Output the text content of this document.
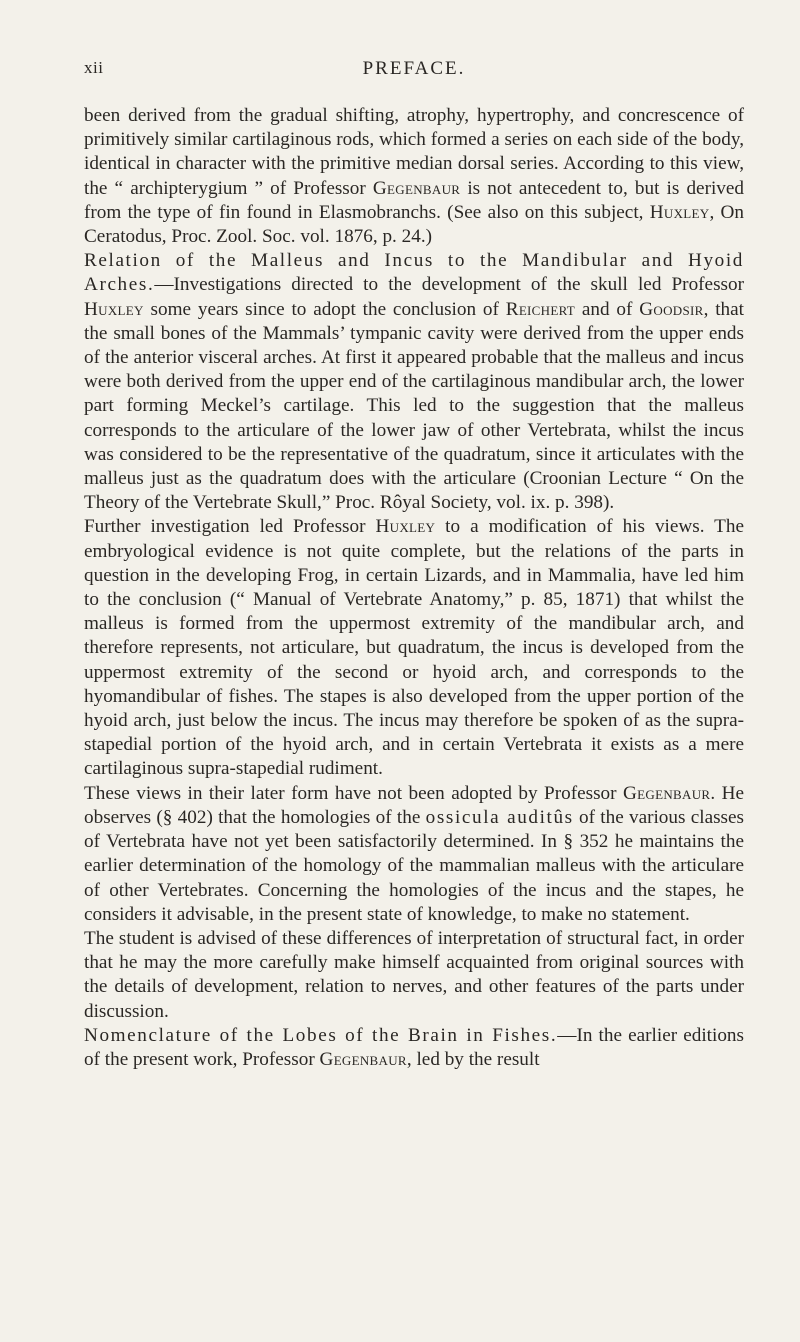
xii	PREFACE.

been derived from the gradual shifting, atrophy, hypertrophy, and concrescence of primitively similar cartilaginous rods, which formed a series on each side of the body, identical in character with the primitive median dorsal series. According to this view, the “ archipterygium ” of Professor Gegenbaur is not antecedent to, but is derived from the type of fin found in Elasmobranchs. (See also on this subject, Huxley, On Ceratodus, Proc. Zool. Soc. vol. 1876, p. 24.)

Relation of the Malleus and Incus to the Mandibular and Hyoid Arches.—Investigations directed to the development of the skull led Professor Huxley some years since to adopt the conclusion of Reichert and of Goodsir, that the small bones of the Mammals’ tympanic cavity were derived from the upper ends of the anterior visceral arches. At first it appeared probable that the malleus and incus were both derived from the upper end of the cartilaginous mandibular arch, the lower part forming Meckel’s cartilage. This led to the suggestion that the malleus corresponds to the articulare of the lower jaw of other Vertebrata, whilst the incus was considered to be the representative of the quadratum, since it articulates with the malleus just as the quadratum does with the articulare (Croonian Lecture “ On the Theory of the Vertebrate Skull,” Proc. Rôyal Society, vol. ix. p. 398).

Further investigation led Professor Huxley to a modification of his views. The embryological evidence is not quite complete, but the relations of the parts in question in the developing Frog, in certain Lizards, and in Mammalia, have led him to the conclusion (“ Manual of Vertebrate Anatomy,” p. 85, 1871) that whilst the malleus is formed from the uppermost extremity of the mandibular arch, and therefore represents, not articulare, but quadratum, the incus is developed from the uppermost extremity of the second or hyoid arch, and corresponds to the hyomandibular of fishes. The stapes is also developed from the upper portion of the hyoid arch, just below the incus. The incus may therefore be spoken of as the supra-stapedial portion of the hyoid arch, and in certain Vertebrata it exists as a mere cartilaginous supra-stapedial rudiment.

These views in their later form have not been adopted by Professor Gegenbaur. He observes (§ 402) that the homologies of the ossicula auditûs of the various classes of Vertebrata have not yet been satisfactorily determined. In § 352 he maintains the earlier determination of the homology of the mammalian malleus with the articulare of other Vertebrates. Concerning the homologies of the incus and the stapes, he considers it advisable, in the present state of knowledge, to make no statement.

The student is advised of these differences of interpretation of structural fact, in order that he may the more carefully make himself acquainted from original sources with the details of development, relation to nerves, and other features of the parts under discussion.

Nomenclature of the Lobes of the Brain in Fishes.—In the earlier editions of the present work, Professor Gegenbaur, led by the result
